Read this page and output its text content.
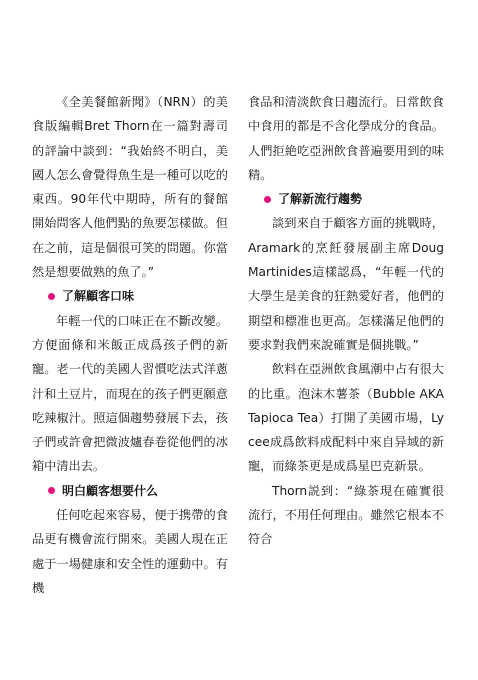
《全美餐館新聞》（NRN）的美食版編輯Bret Thorn在一篇對壽司的評論中談到：“我始終不明白，美國人怎么會覺得魚生是一種可以吃的東西。90年代中期時，所有的餐館開始問客人他們點的魚要怎樣做。但在之前，這是個很可笑的問題。你當然是想要做熟的魚了。”

了解顧客口味

年輕一代的口味正在不斷改變。方便面條和米飯正成爲孩子們的新寵。老一代的美國人習慣吃法式洋蔥汁和土豆片，而現在的孩子們更願意吃辣椒汁。照這個趨勢發展下去，孩子們或許會把微波爐春卷從他們的冰箱中清出去。

明白顧客想要什么

任何吃起來容易，便于携帶的食品更有機會流行開來。美國人現在正處于一場健康和安全性的運動中。有機

食品和清淡飲食日趨流行。日常飲食中食用的都是不含化學成分的食品。人們拒絶吃亞洲飲食普遍要用到的味精。

了解新流行趨勢

談到來自于顧客方面的挑戰時，Aramark的烹飪發展副主席Doug Martinides這樣認爲，“年輕一代的大學生是美食的狂熱愛好者，他們的期望和標准也更高。怎樣滿足他們的要求對我們來說確實是個挑戰。”

飲料在亞洲飲食風潮中占有很大的比重。泡沫木薯茶（Bubble AKA Tapioca Tea）打開了美國市場，Lycee成爲飲料成配料中來自异域的新寵，而綠茶更是成爲星巴克新景。

Thorn説到：“綠茶現在確實很流行，不用任何理由。雖然它根本不符合
